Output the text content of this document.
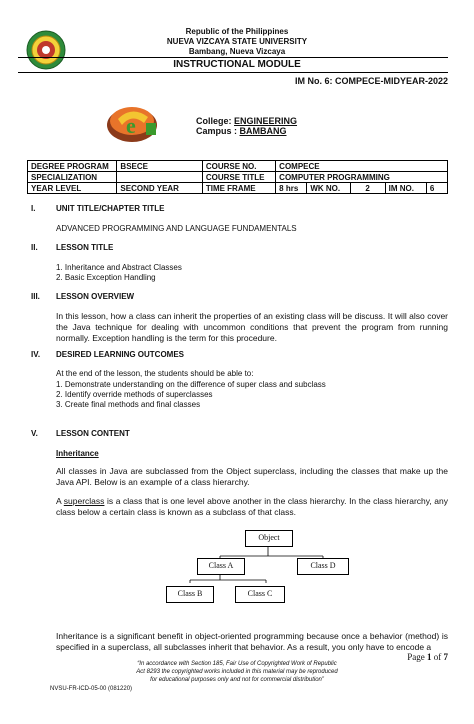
Republic of the Philippines
NUEVA VIZCAYA STATE UNIVERSITY
Bambang, Nueva Vizcaya
INSTRUCTIONAL MODULE
IM No. 6: COMPECE-MIDYEAR-2022
e	College: ENGINEERING
Campus : BAMBANG
DEGREE PROGRAM	BSECE	COURSE NO.	COMPECE				
SPECIALIZATION		COURSE TITLE	COMPUTER PROGRAMMING				
YEAR LEVEL	SECOND YEAR	TIME FRAME	8 hrs	WK NO.	2	IM NO.	6
I.	UNIT TITLE/CHAPTER TITLE
ADVANCED PROGRAMMING AND LANGUAGE FUNDAMENTALS
II. LESSON TITLE
1. Inheritance and Abstract Classes
2. Basic Exception Handling
III. LESSON OVERVIEW

In this lesson, how a class can inherit the properties of an existing class will be discuss. It will also cover the Java technique for dealing with uncommon conditions that prevent the program from running normally. Exception handling is the term for this procedure.

IV. DESIRED LEARNING OUTCOMES
At the end of the lesson, the students should be able to:
1. Demonstrate understanding on the difference of super class and subclass
2. Identify override methods of superclasses
3. Create final methods and final classes
V. LESSON CONTENT
Inheritance

All classes in Java are subclassed from the Object superclass, including the classes that make up the Java API. Below is an example of a class hierarchy.

A superclass is a class that is one level above another in the class hierarchy. In the class hierarchy, any class below a certain class is known as a subclass of that class.

Object
Class A	Class D
Class B	Class C

Inheritance is a significant benefit in object-oriented programming because once a behavior (method) is specified in a superclass, all subclasses inherit that behavior. As a result, you only have to encode a

Page 1 of 7
“In accordance with Section 185, Fair Use of Copyrighted Work of Republic
Act 8293 the copyrighted works included in this material may be reproduced
for educational purposes only and not for commercial distribution”
NVSU-FR-ICD-05-00 (081220)
